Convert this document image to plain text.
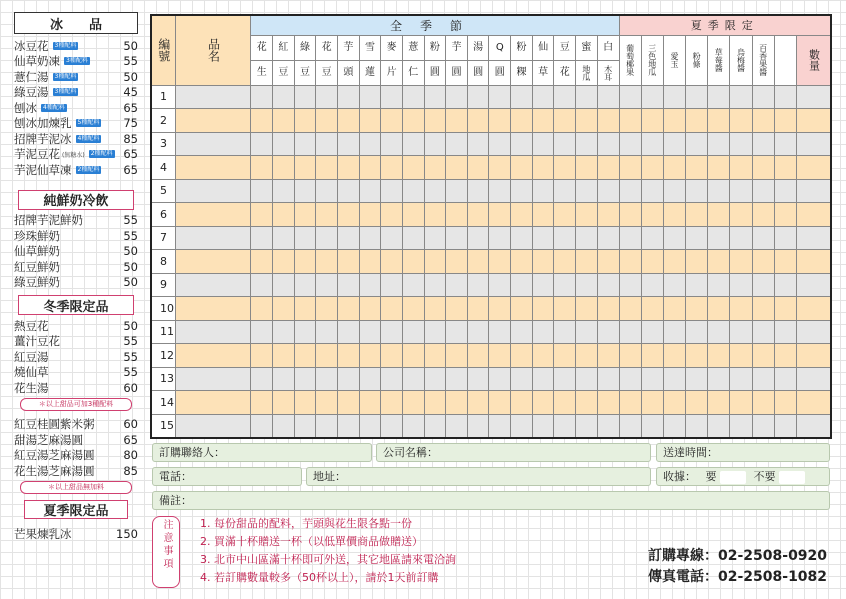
冰　　品
冰豆花	3種配料	50
仙草奶凍	3種配料	55
薏仁湯	3種配料	50
綠豆湯	3種配料	45
刨冰	4種配料	65
刨冰加煉乳	5種配料 75
招牌芋泥冰	4種配料 85
芋泥豆花 (無糖水)	2種配料 65
芋泥仙草凍	2種配料 65
純鮮奶冷飲
招牌芋泥鮮奶	55
珍珠鮮奶	55
仙草鮮奶	50
紅豆鮮奶	50
綠豆鮮奶	50
冬季限定品
熱豆花	50
薑汁豆花	55
紅豆湯	55
燒仙草	55
花生湯	60
＊以上甜品可加3種配料
紅豆桂圓紫米粥	60
甜湯芝麻湯圓	65
紅豆湯芝麻湯圓	80
花生湯芝麻湯圓	85
＊以上甜品無加料
夏季限定品
芒果煉乳冰	150
編號	品名	全季節																	夏季限定								
		花	紅	綠	花	芋	雪	麥	薏	粉	芋	湯	Q	粉	仙	豆	蜜	白	葡萄椰果	三色地瓜	愛玉	粉條	草莓醬	烏梅醬	百香果醬		數量
		生	豆	豆	豆	頭	蓮	片	仁	圓	圓	圓	圓	粿	草	花	地瓜	木耳									
1																											
2																											
3																											
4																											
5																											
6																											
7																											
8																											
9																											
10																											
11																											
12																											
13																											
14																											
15																											
訂購聯絡人：	公司名稱：	送達時間：
電話：	地址：	收據： 要	不要
備註：
注意事項	1. 每份甜品的配料，芋頭與花生限各點一份
2. 買滿十杯贈送一杯（以低單價商品做贈送）
3. 北市中山區滿十杯即可外送，其它地區請來電洽詢
4. 若訂購數量較多（50杯以上），請於1天前訂購
訂購專線：02-2508-0920
傳真電話：02-2508-1082
